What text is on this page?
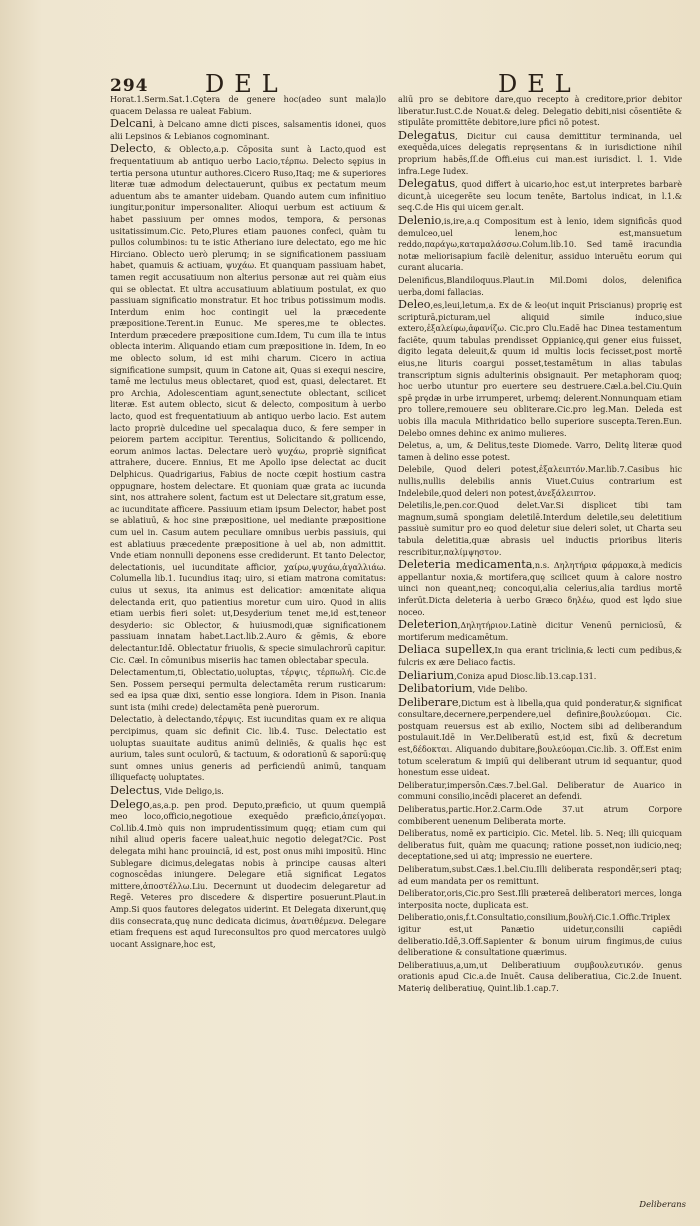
294 DEL	DEL

Horat.1.Serm.Sat.1.Cętera de genere hoc(adeo sunt mala)lo quacem Delassa re ualeat Fabium.

Delcani, à Delcano amne dicti pisces, salsamentis idonei, quos alii Lepsinos & Lebianos cognominant.

Delecto, & Oblecto,a.p. Cōposita sunt à Lacto,quod est frequentatiuum ab antiquo uerbo Lacio,τέρπω. Delecto sępius in tertia persona utuntur authores.Cicero Ruso,Itaq; me & superiores literæ tuæ admodum delectauerunt, quibus ex pectatum meum aduentum abs te amanter uidebam. Quando autem cum infinitiuo iungitur,ponitur impersonaliter. Alioqui uerbum est actiuum & habet passiuum per omnes modos, tempora, & personas usitatissimum.Cic. Peto,Plures etiam pauones confeci, quàm tu pullos columbinos: tu te istic Atheriano iure delectato, ego me hic Hirciano. Oblecto uerò plerumq; in se significationem passiuam habet, quamuis & actiuam, ψυχάω. Et quanquam passiuam habet, tamen regit accusatiuum non alterius personæ aut rei quàm eius qui se oblectat. Et ultra accusatiuum ablatiuum postulat, ex quo passiuam significatio monstratur. Et hoc tribus potissimum modis. Interdum enim hoc contingit uel la præcedente præpositione.Terent.in Eunuc. Me speres,me te oblectes. Interdum præcedere præpositione cum.Idem, Tu cum illa te intus oblecta interim. Aliquando etiam cum præpositione in. Idem, In eo me oblecto solum, id est mihi charum. Cicero in actiua significatione sumpsit, quum in Catone ait, Quas si exequi nescire, tamē me lectulus meus oblectaret, quod est, quasi, delectaret. Et pro Archia, Adolescentiam agunt,senectute oblectant, scilicet literæ. Est autem oblecto, sicut & delecto, compositum à uerbo lacto, quod est frequentatiuum ab antiquo uerbo lacio. Est autem lacto propriè dulcedine uel specalaqua duco, & fere semper in peiorem partem accipitur. Terentius, Solicitando & pollicendo, eorum animos lactas. Delectare uerò ψυχάω, propriè significat attrahere, ducere. Ennius, Et me Apollo ipse delectat ac ducit Delphicus. Quadrigarius, Fabius de nocte cœpit hostium castra oppugnare, hostem delectare. Et quoniam quæ grata ac iucunda sint, nos attrahere solent, factum est ut Delectare sit,gratum esse, ac iucunditate afficere. Passiuum etiam ipsum Delector, habet post se ablatiuū, & hoc sine præpositione, uel mediante præpositione cum uel in. Casum autem peculiare omnibus uerbis passiuis, qui est ablatiuus præcedente præpositione à uel ab, non admittit. Vnde etiam nonnulli deponens esse crediderunt. Et tanto Delector, delectationis, uel iucunditate afficior, χαίρω,ψυχάω,ἀγαλλιάω. Columella lib.1. Iucundius itaq; uiro, si etiam matrona comitatus: cuius ut sexus, ita animus est delicatior: amœnitate aliqua delectanda erit, quo patientius moretur cum uiro. Quod in aliis etiam uerbis fieri solet: ut,Desyderium tenet me,id est,teneor desyderio: sic Oblector, & huiusmodi,quæ significationem passiuam innatam habet.Lact.lib.2.Auro & gēmis, & ebore delectantur.Idē. Oblectatur friuolis, & specie simulachrorū capitur. Cic. Cæl. In cōmunibus miseriis hac tamen oblectabar specula.

Delectamentum,ti, Oblectatio,uoluptas, τέρψις, τέρπωλή. Cic.de Sen. Possem persequi permulta delectamēta rerum rusticarum: sed ea ipsa quæ dixi, sentio esse longiora. Idem in Pison. Inania sunt ista (mihi crede) delectamēta penè puerorum.

Delectatio, à delectando,τέρψις. Est iucunditas quam ex re aliqua percipimus, quam sic definit Cic. lib.4. Tusc. Delectatio est uoluptas suauitate auditus animū deliniēs, & qualis hęc est aurium, tales sunt oculorū, & tactuum, & odorationū & saporū:quę sunt omnes unius generis ad perficiendū animū, tanquam illiquefactę uoluptates.

Delectus, Vide Deligo,is.

Delego,as,a.p. pen prod. Deputo,præficio, ut quum quempiā meo loco,officio,negotioue exequēdo præficio,ἀπείγομαι. Col.lib.4.Imò quis non imprudentissimum quęq; etiam cum qui nihil aliud operis facere ualeat,huic negotio delegat?Cic. Post delegata mihi hanc prouinciā, id est, post onus mihi impositū. Hinc Sublegare dicimus,delegatas nobis à principe causas alteri cognoscēdas iniungere. Delegare etiā significat Legatos mittere,ἀποστέλλω.Liu. Decernunt ut duodecim delegaretur ad Regē. Veteres pro discedere & dispertire posuerunt.Plaut.in Amp.Si quos fautores delegatos uiderint. Et Delegata dixerunt,quę diis consecrata,quę nunc dedicata dicimus, ἀνατιθέμενα. Delegare etiam frequens est aqud Iureconsultos pro quod mercatores uulgò uocant Assignare,hoc est,

aliū pro se debitore dare,quo recepto à creditore,prior debitor liberatur.Iust.C.de Nouat.& deleg. Delegatio debiti,nisi cōsentiēte & stipulāte promittēte debitore,iure pfici nō potest.

Delegatus, Dicitur cui causa demittitur terminanda, uel exequēda,uices delegatis repręsentans & in iurisdictione nihil proprium habēs,ſſ.de Offi.eius cui man.est iurisdict. l. 1. Vide infra.Lege Iudex.

Delegatus, quod differt à uicario,hoc est,ut interpretes barbarè dicunt,à uicegerēte seu locum tenēte, Bartolus indicat, in l.1.& seq.C.de His qui uicem ger.alt.

Delenio,is,ire,a.q Compositum est à lenio, idem significās quod demulceo,uel lenem,hoc est,mansuetum reddo,παράγω,καταμαλάσσω.Colum.lib.10. Sed tamē iracundia notæ meliorisapium facilè delenitur, assiduo interuētu eorum qui curant alucaria.

Delenificus,Blandiloquus.Plaut.in Mil.Domi dolos, delenifica uerba,domi fallacias.

Deleo,es,leui,letum,a. Ex de & leo(ut inquit Priscianus) proprię est scripturā,picturam,uel aliquid simile induco,siue extero,ἐξαλείφω,ἀφανίζω. Cic.pro Clu.Eadē hac Dinea testamentum faciēte, quum tabulas prendisset Oppianicę,qui gener eius fuisset, digito legata deleuit,& quum id multis locis fecisset,post mortē eius,ne lituris coargui posset,testamētum in alias tabulas transcriptum signis adulterinis obsignauit. Per metaphoram quoq; hoc uerbo utuntur pro euertere seu destruere.Cæl.a.bel.Ciu.Quin spē prędæ in urbe irrumperet, urbemq; delerent.Nonnunquam etiam pro tollere,remouere seu obliterare.Cic.pro leg.Man. Deleda est uobis illa macula Mithridatico bello superiore suscepta.Teren.Eun. Delebo omnes dehinc ex animo mulieres.

Deletus, a, um, & Delitus,teste Diomede. Varro, Delitę literæ quod tamen à delino esse potest.

Delebile, Quod deleri potest,ἐξαλειπτόν.Mar.lib.7.Casibus hic nullis,nullis delebilis annis Viuet.Cuius contrarium est Indelebile,quod deleri non potest,ἀνεξάλειπτον.

Deletilis,le,pen.cor.Quod delet.Var.Si displicet tibi tam magnum,sumā spongiam deletilē.Interdum deletile,seu deletitium passiuè sumitur pro eo quod deletur siue deleri solet, ut Charta seu tabula deletitia,quæ abrasis uel inductis prioribus literis rescribitur,παλίμψηστον.

Deleteria medicamenta,n.s. Δηλητήρια φάρμακα,à medicis appellantur noxia,& mortifera,quę scilicet quum à calore nostro uinci non queant,neq; concoqui,alia celerius,alia tardius mortē inferūt.Dicta deleteria à uerbo Græco δηλέω, quod est lędo siue noceo.

Deleterion,Δηλητήριον.Latinè dicitur Venenū perniciosū, & mortiferum medicamētum.

Deliaca supellex,In qua erant triclinia,& lecti cum pedibus,& fulcris ex ære Deliaco factis.

Deliarium,Coniza apud Diosc.lib.13.cap.131.

Delibatorium, Vide Delibo.

Deliberare,Dictum est à libella,qua quid ponderatur,& significat consultare,decernere,perpendere,uel definire,βουλεύομαι. Cic. postquam reuersus est ab exilio, Noctem sibi ad deliberandum postulauit.Idē in Ver.Deliberatū est,id est, fixū & decretum est,δέδοκται. Aliquando dubitare,βουλεύομαι.Cic.lib. 3. Off.Est enim totum sceleratum & impiū qui deliberant utrum id sequantur, quod honestum esse uideat.

Deliberatur,impersōn.Cæs.7.bel.Gal. Deliberatur de Auarico in communi consilio,incēdi placeret an defendi.

Deliberatus,partic.Hor.2.Carm.Ode 37.ut atrum Corpore combiberent uenenum Deliberata morte.

Deliberatus, nomē ex participio. Cic. Metel. lib. 5. Neq; illi quicquam deliberatus fuit, quàm me quacunq; ratione posset,non iudicio,neq; deceptatione,sed ui atq; impressio ne euertere.

Deliberatum,subst.Cæs.1.bel.Ciu.Illi deliberata respondēr,seri ptaq; ad eum mandata per os remittunt.

Deliberator,oris,Cic.pro Sest.Illi prætereā deliberatori merces, longa interposita nocte, duplicata est.

Deliberatio,onis,f.t.Consultatio,consilium,βουλή.Cic.1.Offic.Triplex igitur est,ut Panætio uidetur,consilii capiēdi deliberatio.Idē,3.Off.Sapienter & bonum uirum fingimus,de cuius deliberatione & consultatione quærimus.

Deliberatiuus,a,um,ut Deliberatiuum συμβουλευτικόν. genus orationis apud Cic.a.de Inuēt. Causa deliberatiua, Cic.2.de Inuent. Materię deliberatiuę, Quint.lib.1.cap.7.

Deliberans
